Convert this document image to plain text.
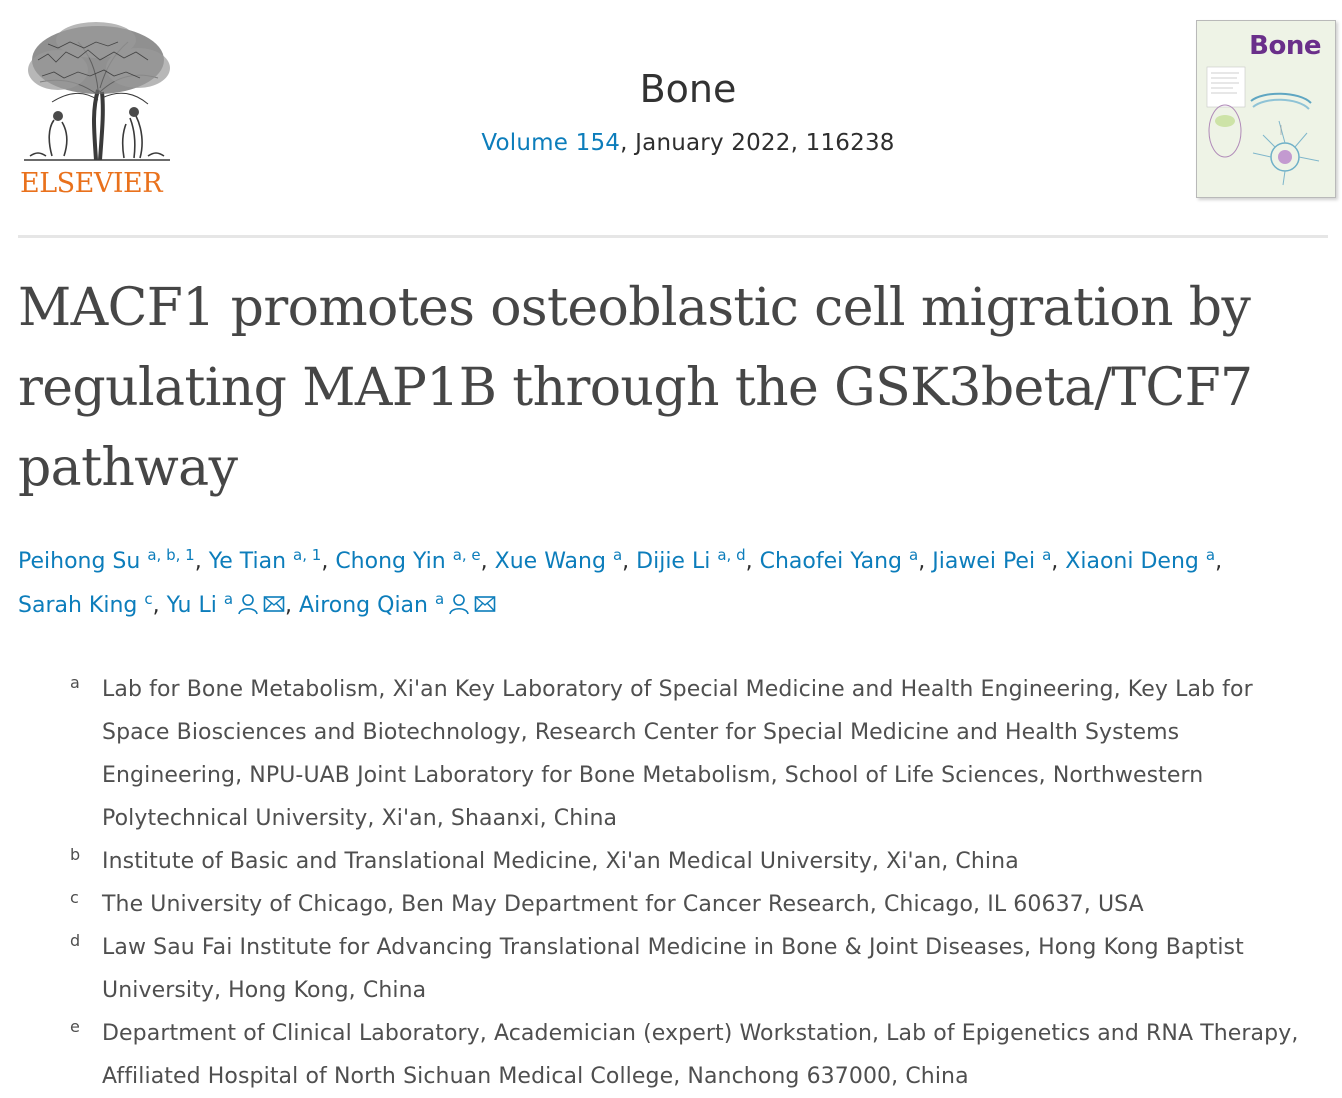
ELSEVIER
Bone
Volume 154, January 2022, 116238
Bone
MACF1 promotes osteoblastic cell migration by regulating MAP1B through the GSK3beta/TCF7 pathway
Peihong Su $^{a, b, 1}$, Ye Tian $^{a, 1}$, Chong Yin $^{a, e}$, Xue Wang $^a$, Dijie Li $^{a, d}$, Chaofei Yang $^a$, Jiawei Pei $^a$, Xiaoni Deng $^a$,
Sarah King $^c$, Yu Li $^a$ , Airong Qian $^a$
a	Lab for Bone Metabolism, Xi'an Key Laboratory of Special Medicine and Health Engineering, Key Lab for Space Biosciences and Biotechnology, Research Center for Special Medicine and Health Systems Engineering, NPU-UAB Joint Laboratory for Bone Metabolism, School of Life Sciences, Northwestern Polytechnical University, Xi'an, Shaanxi, China
b Institute of Basic and Translational Medicine, Xi'an Medical University, Xi'an, China
c	The University of Chicago, Ben May Department for Cancer Research, Chicago, IL 60637, USA
d Law Sau Fai Institute for Advancing Translational Medicine in Bone & Joint Diseases, Hong Kong Baptist University, Hong Kong, China
e	Department of Clinical Laboratory, Academician (expert) Workstation, Lab of Epigenetics and RNA Therapy, Affiliated Hospital of North Sichuan Medical College, Nanchong 637000, China
